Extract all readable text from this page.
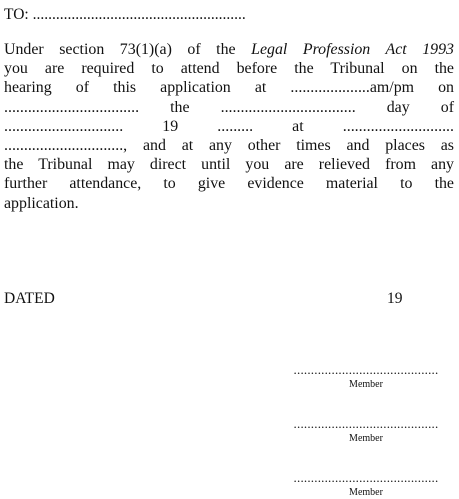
TO: .......................................................
Under section 73(1)(a) of the Legal Profession Act 1993
you are required to attend before the Tribunal on the
hearing of this application at ....................am/pm on
.................................. the .................................. day of
.............................. 19 ......... at ............................
.............................., and at any other times and places as
the Tribunal may direct until you are relieved from any
further attendance, to give evidence material to the
application.
DATED	19
..........................................
Member
..........................................
Member
..........................................
Member
